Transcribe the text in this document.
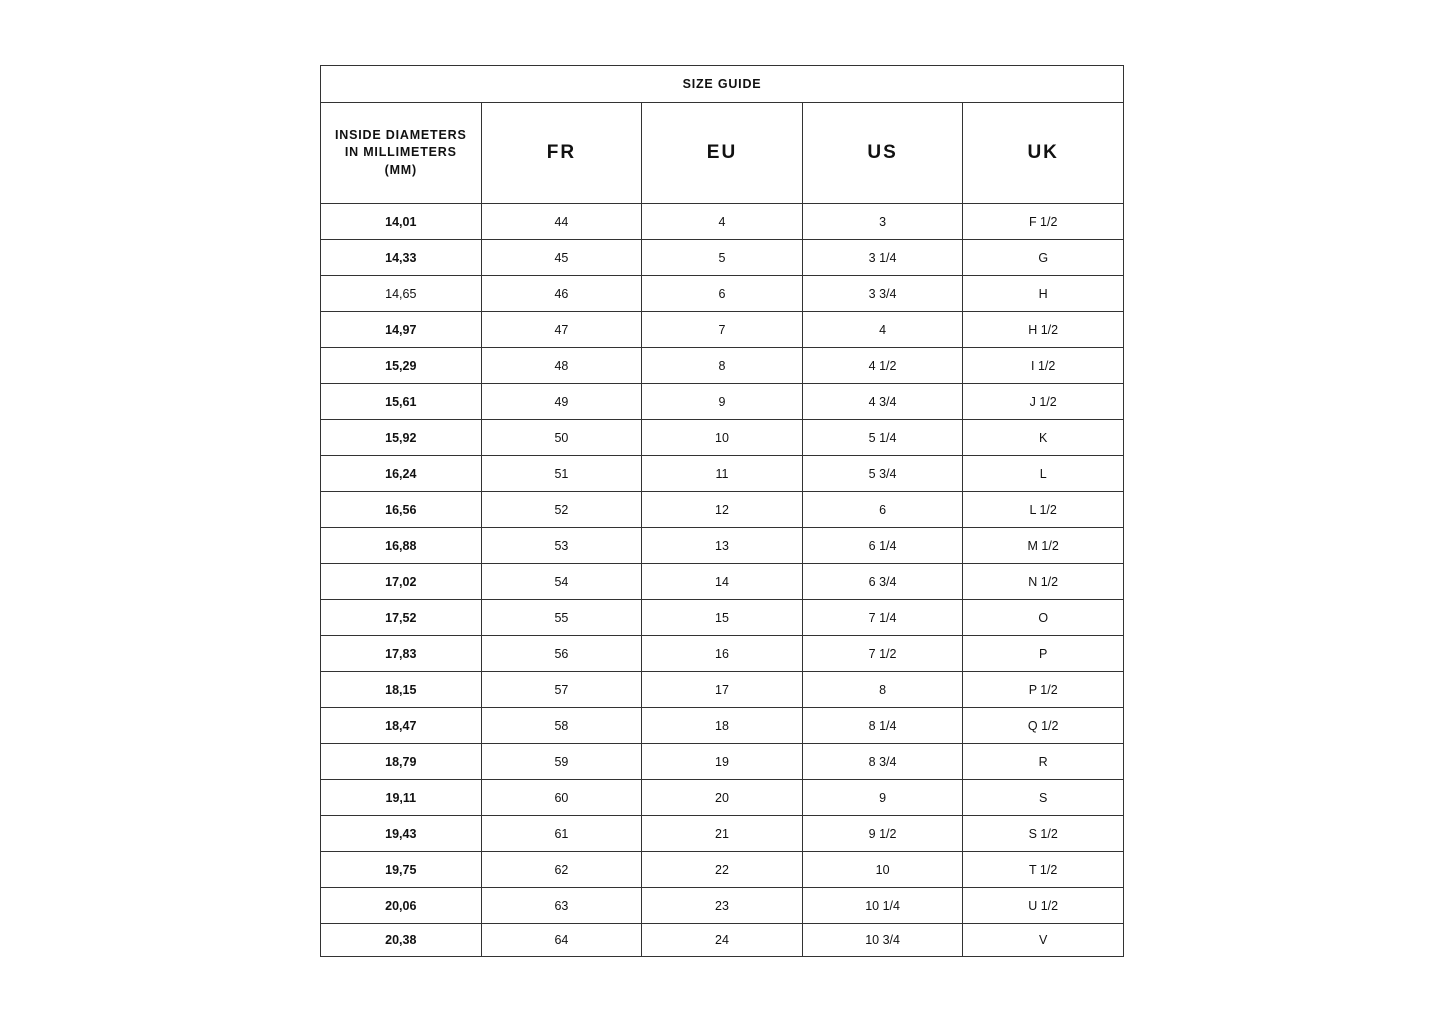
SIZE GUIDE				

INSIDE DIAMETERS
IN MILLIMETERS
(MM)	FR	EU	US	UK
14,01	44	4	3	F 1/2
14,33	45	5	3 1/4	G
14,65	46	6	3 3/4	H
14,97	47	7	4	H 1/2
15,29	48	8	4 1/2	I 1/2
15,61	49	9	4 3/4	J 1/2
15,92	50	10	5 1/4	K
16,24	51	11	5 3/4	L
16,56	52	12	6	L 1/2
16,88	53	13	6 1/4	M 1/2
17,02	54	14	6 3/4	N 1/2
17,52	55	15	7 1/4	O
17,83	56	16	7 1/2	P
18,15	57	17	8	P 1/2
18,47	58	18	8 1/4	Q 1/2
18,79	59	19	8 3/4	R
19,11	60	20	9	S
19,43	61	21	9 1/2	S 1/2
19,75	62	22	10	T 1/2
20,06	63	23	10 1/4	U 1/2
20,38	64	24	10 3/4	V
